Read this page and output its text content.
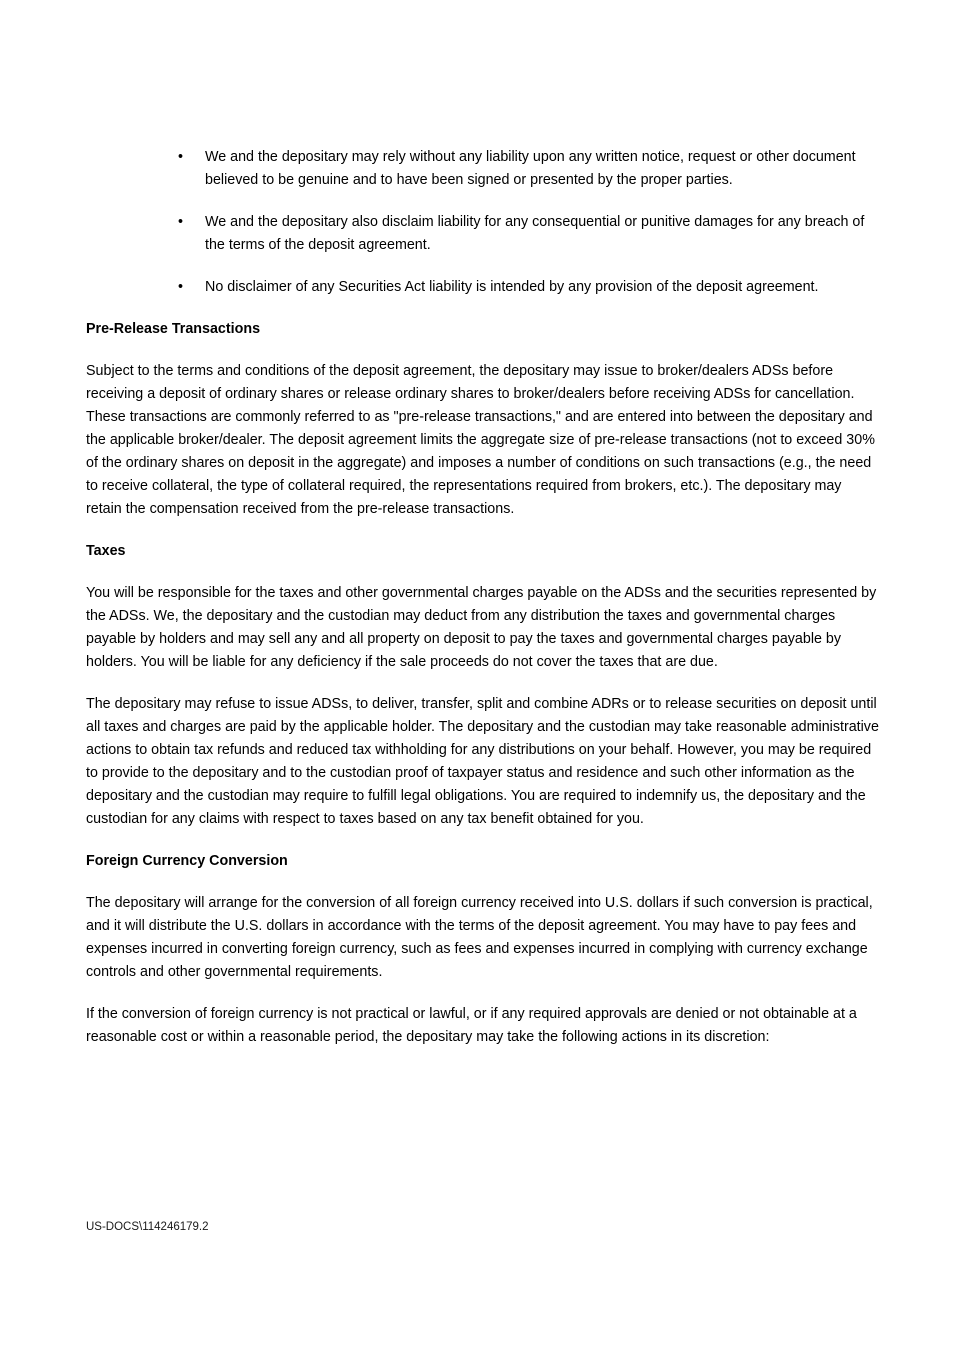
•	We and the depositary may rely without any liability upon any written notice, request or other document believed to be genuine and to have been signed or presented by the proper parties.
•	We and the depositary also disclaim liability for any consequential or punitive damages for any breach of the terms of the deposit agreement.
•	No disclaimer of any Securities Act liability is intended by any provision of the deposit agreement.
Pre-Release Transactions

Subject to the terms and conditions of the deposit agreement, the depositary may issue to broker/dealers ADSs before receiving a deposit of ordinary shares or release ordinary shares to broker/dealers before receiving ADSs for cancellation. These transactions are commonly referred to as "pre-release transactions," and are entered into between the depositary and the applicable broker/dealer. The deposit agreement limits the aggregate size of pre-release transactions (not to exceed 30% of the ordinary shares on deposit in the aggregate) and imposes a number of conditions on such transactions (e.g., the need to receive collateral, the type of collateral required, the representations required from brokers, etc.). The depositary may retain the compensation received from the pre-release transactions.

Taxes

You will be responsible for the taxes and other governmental charges payable on the ADSs and the securities represented by the ADSs. We, the depositary and the custodian may deduct from any distribution the taxes and governmental charges payable by holders and may sell any and all property on deposit to pay the taxes and governmental charges payable by holders. You will be liable for any deficiency if the sale proceeds do not cover the taxes that are due.

The depositary may refuse to issue ADSs, to deliver, transfer, split and combine ADRs or to release securities on deposit until all taxes and charges are paid by the applicable holder. The depositary and the custodian may take reasonable administrative actions to obtain tax refunds and reduced tax withholding for any distributions on your behalf. However, you may be required to provide to the depositary and to the custodian proof of taxpayer status and residence and such other information as the depositary and the custodian may require to fulfill legal obligations. You are required to indemnify us, the depositary and the custodian for any claims with respect to taxes based on any tax benefit obtained for you.

Foreign Currency Conversion

The depositary will arrange for the conversion of all foreign currency received into U.S. dollars if such conversion is practical, and it will distribute the U.S. dollars in accordance with the terms of the deposit agreement. You may have to pay fees and expenses incurred in converting foreign currency, such as fees and expenses incurred in complying with currency exchange controls and other governmental requirements.

If the conversion of foreign currency is not practical or lawful, or if any required approvals are denied or not obtainable at a reasonable cost or within a reasonable period, the depositary may take the following actions in its discretion:

US-DOCS\114246179.2
